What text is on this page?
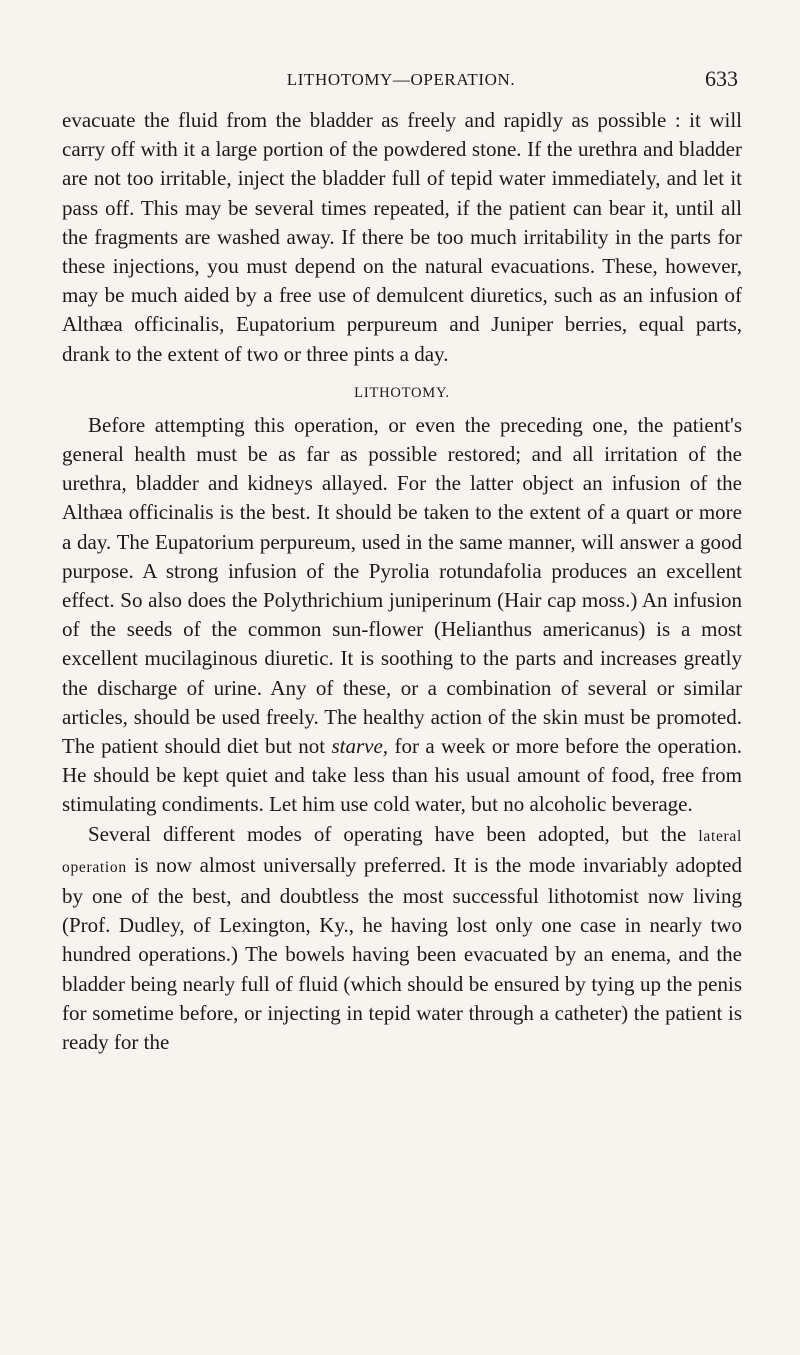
LITHOTOMY—OPERATION.	633

evacuate the fluid from the bladder as freely and rapidly as possible : it will carry off with it a large portion of the powdered stone. If the urethra and bladder are not too irritable, inject the bladder full of tepid water immediately, and let it pass off. This may be several times repeated, if the patient can bear it, until all the fragments are washed away. If there be too much irritability in the parts for these injections, you must depend on the natural evacuations. These, however, may be much aided by a free use of demulcent diuretics, such as an infusion of Althæa officinalis, Eupatorium perpureum and Juniper berries, equal parts, drank to the extent of two or three pints a day.

LITHOTOMY.

Before attempting this operation, or even the preceding one, the patient's general health must be as far as possible restored; and all irritation of the urethra, bladder and kidneys allayed. For the latter object an infusion of the Althæa officinalis is the best. It should be taken to the extent of a quart or more a day. The Eupatorium perpureum, used in the same manner, will answer a good purpose. A strong infusion of the Pyrolia rotundafolia produces an excellent effect. So also does the Polythrichium juniperinum (Hair cap moss.) An infusion of the seeds of the common sun-flower (Helianthus americanus) is a most excellent mucilaginous diuretic. It is soothing to the parts and increases greatly the discharge of urine. Any of these, or a combination of several or similar articles, should be used freely. The healthy action of the skin must be promoted. The patient should diet but not starve, for a week or more before the operation. He should be kept quiet and take less than his usual amount of food, free from stimulating condiments. Let him use cold water, but no alcoholic beverage.

Several different modes of operating have been adopted, but the lateral operation is now almost universally preferred. It is the mode invariably adopted by one of the best, and doubtless the most successful lithotomist now living (Prof. Dudley, of Lexington, Ky., he having lost only one case in nearly two hundred operations.) The bowels having been evacuated by an enema, and the bladder being nearly full of fluid (which should be ensured by tying up the penis for sometime before, or injecting in tepid water through a catheter) the patient is ready for the
